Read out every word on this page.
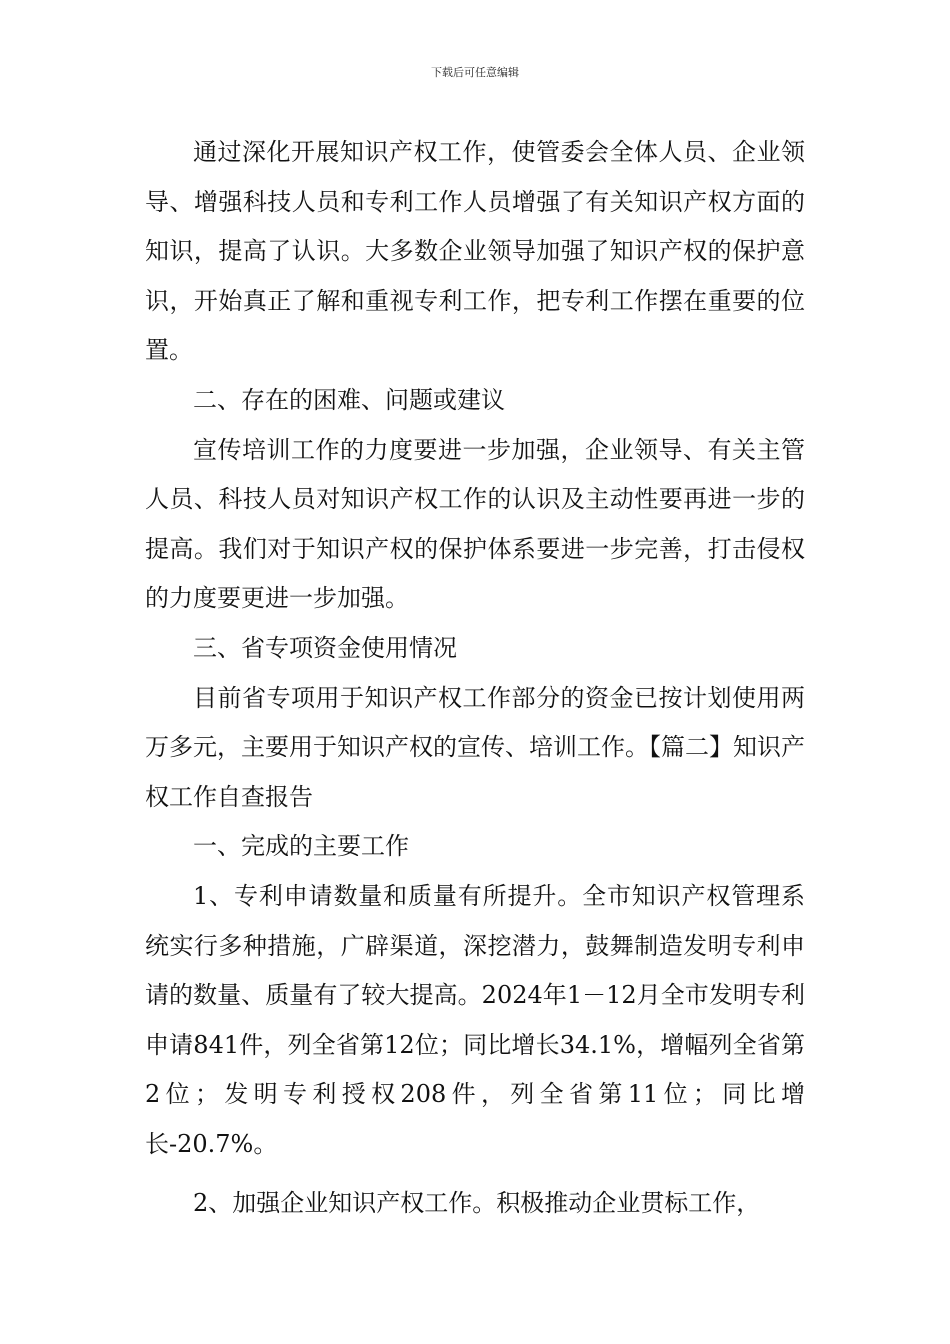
下载后可任意编辑

通过深化开展知识产权工作，使管委会全体人员、企业领导、增强科技人员和专利工作人员增强了有关知识产权方面的知识，提高了认识。大多数企业领导加强了知识产权的保护意识，开始真正了解和重视专利工作，把专利工作摆在重要的位置。

二、存在的困难、问题或建议

宣传培训工作的力度要进一步加强，企业领导、有关主管人员、科技人员对知识产权工作的认识及主动性要再进一步的提高。我们对于知识产权的保护体系要进一步完善，打击侵权的力度要更进一步加强。

三、省专项资金使用情况

目前省专项用于知识产权工作部分的资金已按计划使用两万多元，主要用于知识产权的宣传、培训工作。【篇二】知识产权工作自查报告

一、完成的主要工作

1、专利申请数量和质量有所提升。全市知识产权管理系统实行多种措施，广辟渠道，深挖潜力，鼓舞制造发明专利申请的数量、质量有了较大提高。2024年1－12月全市发明专利申请841件，列全省第12位；同比增长34.1%，增幅列全省第2位；发明专利授权208件，列全省第11位；同比增长-20.7%。

2、加强企业知识产权工作。积极推动企业贯标工作，
